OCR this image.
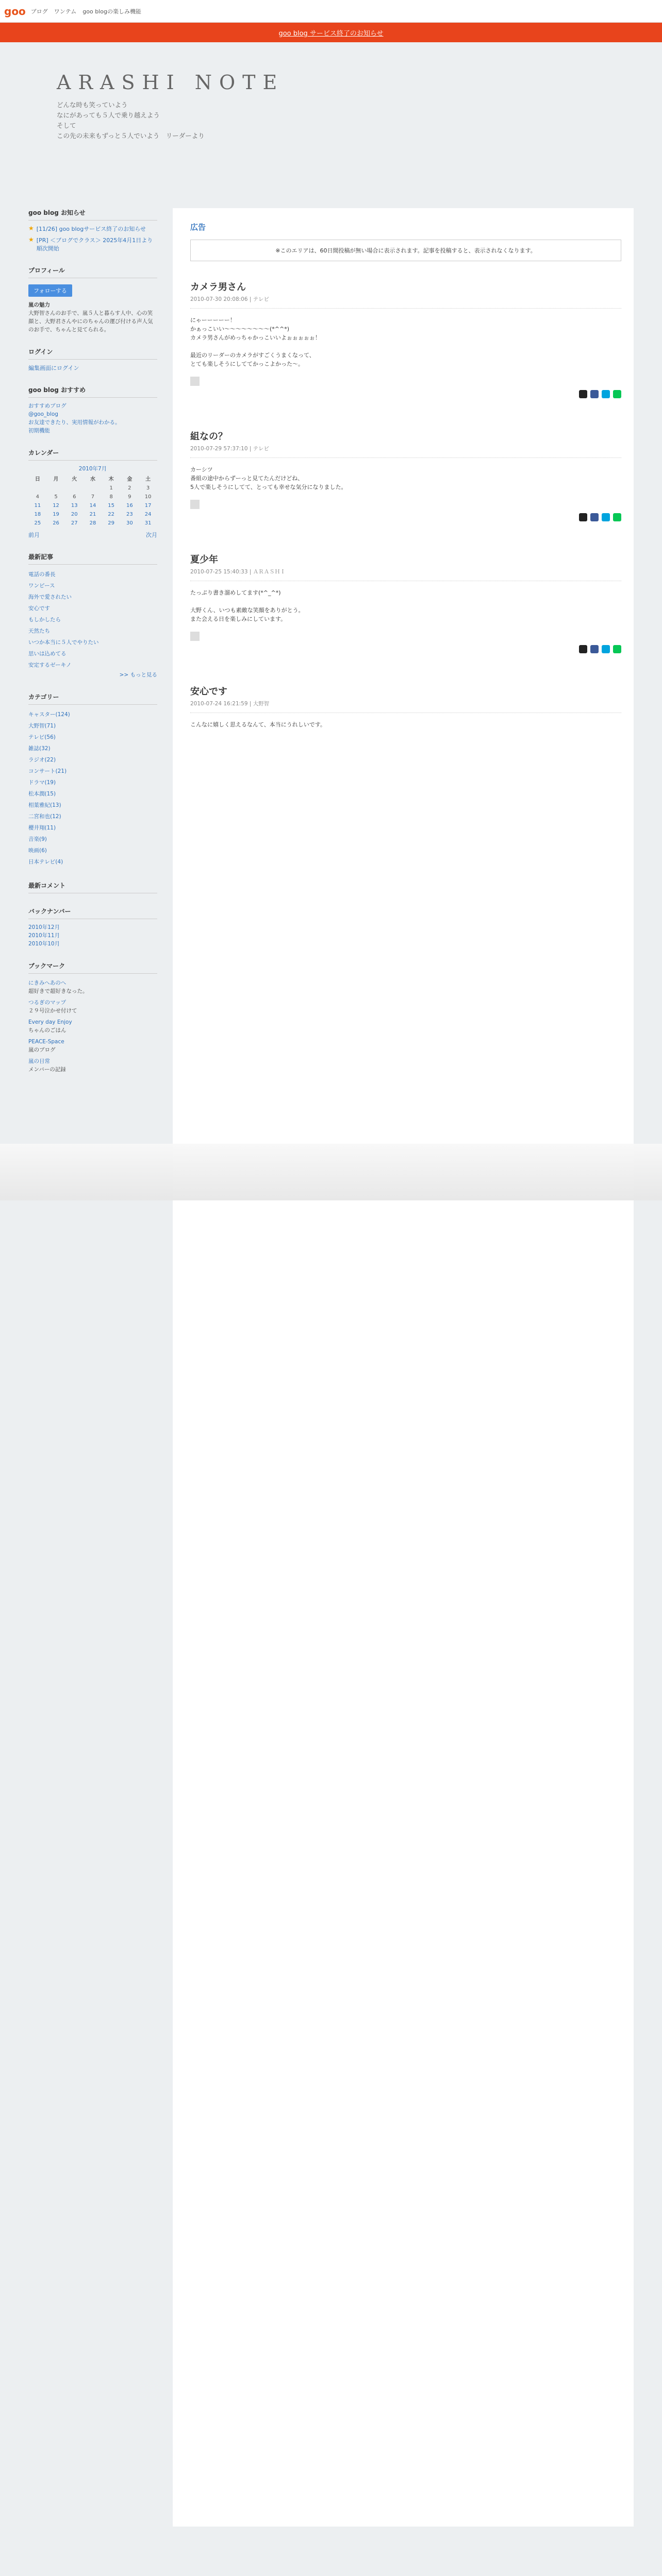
goo ブログ ワンテム goo blogの楽しみ機能
goo blog サービス終了のお知らせ
ARASHI NOTE
どんな時も笑っていよう
なにがあっても５人で乗り越えよう
そして
この先の未来もずっと５人でいよう　リーダーより
goo blog お知らせ
★ [11/26] goo blogサービス終了のお知らせ
★ [PR] ＜ブログでクラス＞ 2025年4月1日より順次開始
プロフィール
フォローする

嵐の魅力

大野智さんのお手で、嵐５人と暮らす人中、心の笑顔と、大野君さんやにのちゃんの運び付ける声人気のお手で、ちゃんと見てられる。

ログイン
編集画面にログイン
goo blog おすすめ
おすすめブログ
@goo_blog
お友達できたり、実用情報がわかる。
初期機能
カレンダー

2010年7月

日	月	火	水	木	金	土
				1	2	3
4	5	6	7	8	9	10
11	12	13	14	15	16	17
18	19	20	21	22	23	24
25	26	27	28	29	30	31
前月	次月
最新記事
電話の番長
ワンピース
海外で愛されたい
安心です
もしかしたら
天然たち
いつか本当に５人でやりたい
思いは込めてる
安定するゼーキノ

>> もっと見る

カテゴリー
キャスター(124)
大野智(71)
テレビ(56)
雑誌(32)
ラジオ(22)
コンサート(21)
ドラマ(19)
松本潤(15)
相葉雅紀(13)
二宮和也(12)
櫻井翔(11)
音楽(9)
映画(6)
日本テレビ(4)
最新コメント
バックナンバー
2010年12月
2010年11月
2010年10月
ブックマーク
にきみへあのへ
超好きで超好きなった。
つるぎのマップ
２９号泣かせ付けて
Every day Enjoy
ちゃんのごはん
PEACE-Space
嵐のブログ
嵐の日常
メンバーの記録
広告
※このエリアは、60日間投稿が無い場合に表示されます。記事を投稿すると、表示されなくなります。
カメラ男さん
2010-07-30 20:08:06 | テレビ
にゃーーーーー！
かぁっこいい〜〜〜〜〜〜〜〜(*^^*)
カメラ男さんがめっちゃかっこいいよぉぉぉぉぉ！

最近のリーダーのカメラがすごくうまくなって、
とても楽しそうにしててかっこよかった〜。
組なの？
2010-07-29 57:37:10 | テレビ
カーシツ
番組の途中からずーっと見てたんだけどね、
5人で楽しそうにしてて、とっても幸せな気分になりました。
夏少年
2010-07-25 15:40:33 | ＡＲＡＳＨＩ
たっぷり書き溜めしてます(*^_^*)

大野くん、いつも素敵な笑顔をありがとう。
また会える日を楽しみにしています。
安心です
2010-07-24 16:21:59 | 大野智
こんなに嬉しく思えるなんて、本当にうれしいです。
